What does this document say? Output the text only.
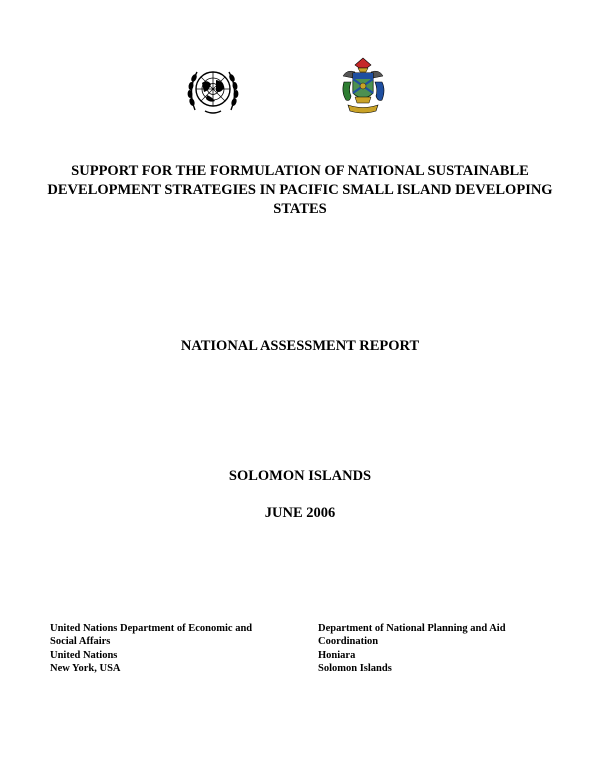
SUPPORT FOR THE FORMULATION OF NATIONAL SUSTAINABLE DEVELOPMENT STRATEGIES IN PACIFIC SMALL ISLAND DEVELOPING STATES
NATIONAL ASSESSMENT REPORT
SOLOMON ISLANDS
JUNE 2006
United Nations Department of Economic and
Social Affairs
United Nations
New York, USA
Department of National Planning and Aid
Coordination
Honiara
Solomon Islands
